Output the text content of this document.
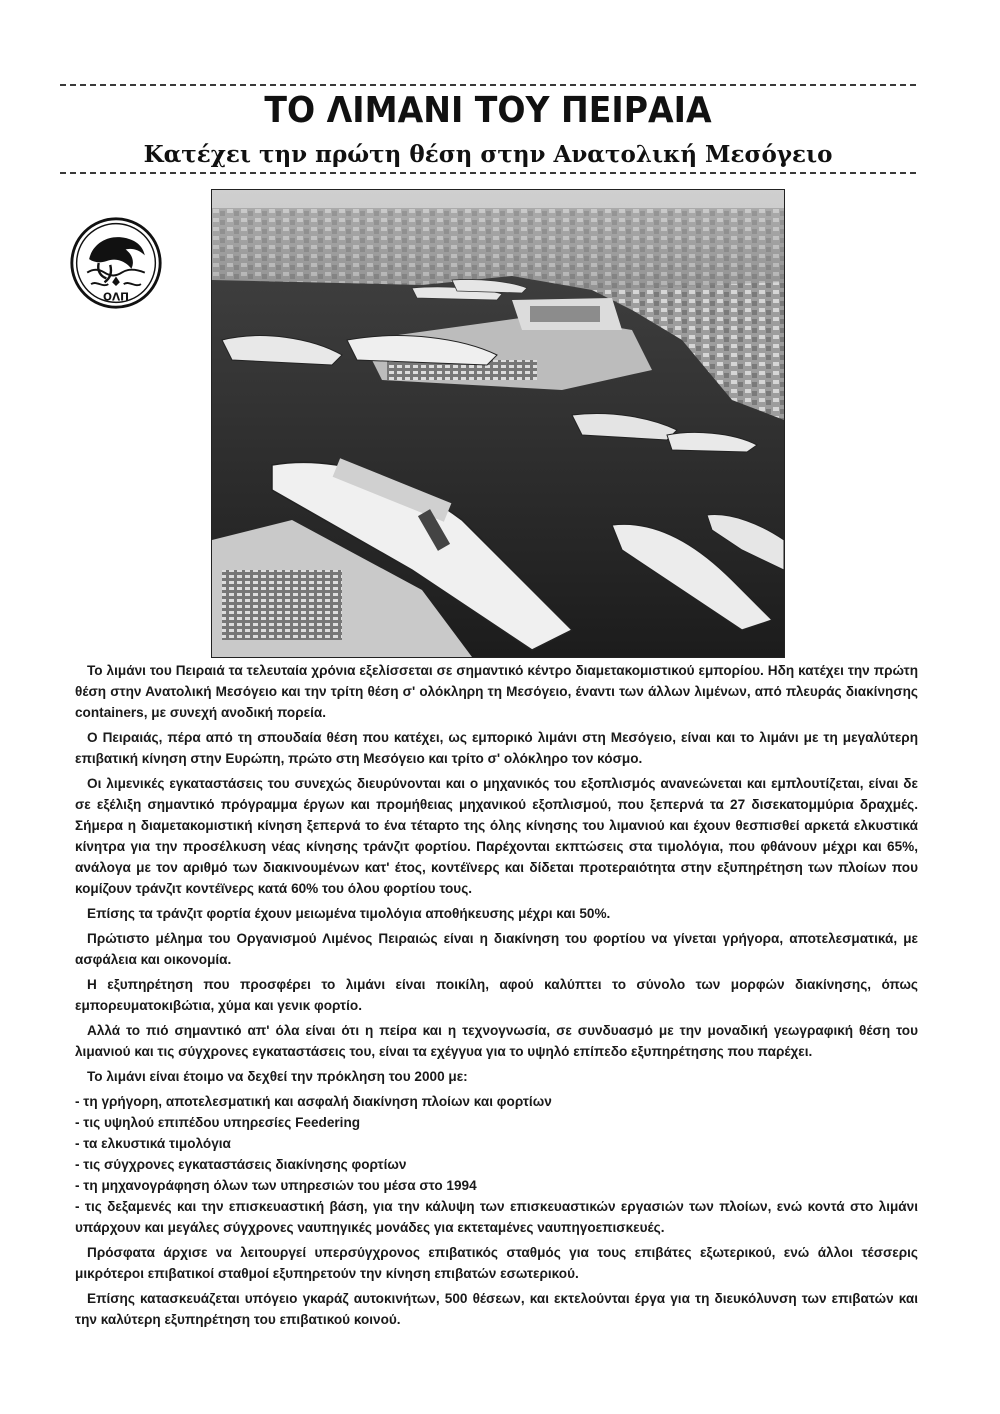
ΤΟ ΛΙΜΑΝΙ ΤΟΥ ΠΕΙΡΑΙΑ
Κατέχει την πρώτη θέση στην Ανατολική Μεσόγειο
ΟΛΠ

Το λιμάνι του Πειραιά τα τελευταία χρόνια εξελίσσεται σε σημαντικό κέντρο διαμετακομιστικού εμπορίου. Ηδη κατέχει την πρώτη θέση στην Ανατολική Μεσόγειο και την τρίτη θέση σ' ολόκληρη τη Μεσόγειο, έναντι των άλλων λιμένων, από πλευράς διακίνησης containers, με συνεχή ανοδική πορεία.

Ο Πειραιάς, πέρα από τη σπουδαία θέση που κατέχει, ως εμπορικό λιμάνι στη Μεσόγειο, είναι και το λιμάνι με τη μεγαλύτερη επιβατική κίνηση στην Ευρώπη, πρώτο στη Μεσόγειο και τρίτο σ' ολόκληρο τον κόσμο.

Οι λιμενικές εγκαταστάσεις του συνεχώς διευρύνονται και ο μηχανικός του εξοπλισμός ανανεώνεται και εμπλουτίζεται, είναι δε σε εξέλιξη σημαντικό πρόγραμμα έργων και προμήθειας μηχανικού εξοπλισμού, που ξεπερνά τα 27 δισεκατομμύρια δραχμές. Σήμερα η διαμετακομιστική κίνηση ξεπερνά το ένα τέταρτο της όλης κίνησης του λιμανιού και έχουν θεσπισθεί αρκετά ελκυστικά κίνητρα για την προσέλκυση νέας κίνησης τράνζιτ φορτίου. Παρέχονται εκπτώσεις στα τιμολόγια, που φθάνουν μέχρι και 65%, ανάλογα με τον αριθμό των διακινουμένων κατ' έτος, κοντέϊνερς και δίδεται προτεραιότητα στην εξυπηρέτηση των πλοίων που κομίζουν τράνζιτ κοντέϊνερς κατά 60% του όλου φορτίου τους.

Επίσης τα τράνζιτ φορτία έχουν μειωμένα τιμολόγια αποθήκευσης μέχρι και 50%.

Πρώτιστο μέλημα του Οργανισμού Λιμένος Πειραιώς είναι η διακίνηση του φορτίου να γίνεται γρήγορα, αποτελεσματικά, με ασφάλεια και οικονομία.

Η εξυπηρέτηση που προσφέρει το λιμάνι είναι ποικίλη, αφού καλύπτει το σύνολο των μορφών διακίνησης, όπως εμπορευματοκιβώτια, χύμα και γενικ φορτίο.

Αλλά το πιό σημαντικό απ' όλα είναι ότι η πείρα και η τεχνογνωσία, σε συνδυασμό με την μοναδική γεωγραφική θέση του λιμανιού και τις σύγχρονες εγκαταστάσεις του, είναι τα εχέγγυα για το υψηλό επίπεδο εξυπηρέτησης που παρέχει.

Το λιμάνι είναι έτοιμο να δεχθεί την πρόκληση του 2000 με:

- τη γρήγορη, αποτελεσματική και ασφαλή διακίνηση πλοίων και φορτίων
- τις υψηλού επιπέδου υπηρεσίες Feedering
- τα ελκυστικά τιμολόγια
- τις σύγχρονες εγκαταστάσεις διακίνησης φορτίων
- τη μηχανογράφηση όλων των υπηρεσιών του μέσα στο 1994
- τις δεξαμενές και την επισκευαστική βάση, για την κάλυψη των επισκευαστικών εργασιών των πλοίων, ενώ κοντά στο λιμάνι υπάρχουν και μεγάλες σύγχρονες ναυπηγικές μονάδες για εκτεταμένες ναυπηγοεπισκευές.

Πρόσφατα άρχισε να λειτουργεί υπερσύγχρονος επιβατικός σταθμός για τους επιβάτες εξωτερικού, ενώ άλλοι τέσσερις μικρότεροι επιβατικοί σταθμοί εξυπηρετούν την κίνηση επιβατών εσωτερικού.

Επίσης κατασκευάζεται υπόγειο γκαράζ αυτοκινήτων, 500 θέσεων, και εκτελούνται έργα για τη διευκόλυνση των επιβατών και την καλύτερη εξυπηρέτηση του επιβατικού κοινού.
